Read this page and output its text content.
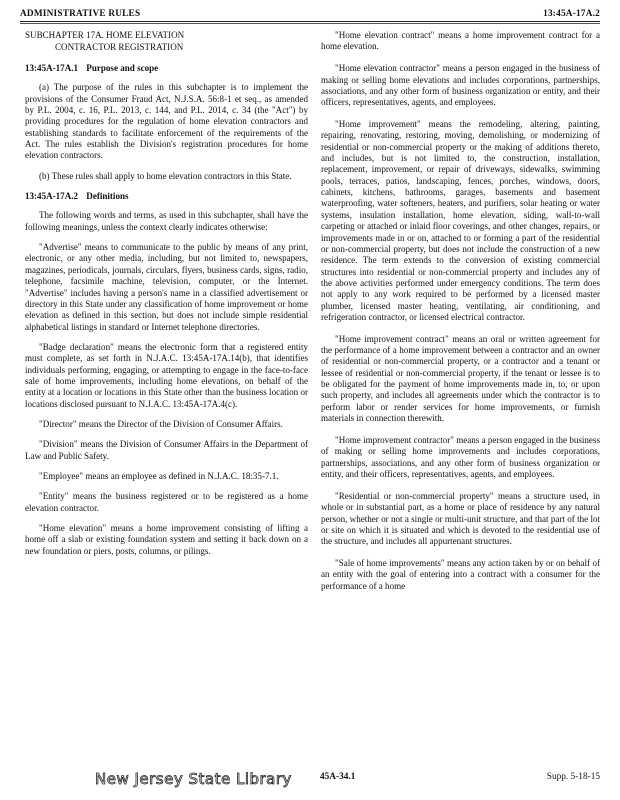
ADMINISTRATIVE RULES	13:45A-17A.2
SUBCHAPTER 17A. HOME ELEVATION
CONTRACTOR REGISTRATION
13:45A-17A.1 Purpose and scope

(a) The purpose of the rules in this subchapter is to implement the provisions of the Consumer Fraud Act, N.J.S.A. 56:8-1 et seq., as amended by P.L. 2004, c. 16, P.L. 2013, c. 144, and P.L. 2014, c. 34 (the "Act") by providing procedures for the regulation of home elevation contractors and establishing standards to facilitate enforcement of the requirements of the Act. The rules establish the Division's registration procedures for home elevation contractors.

(b) These rules shall apply to home elevation contractors in this State.

13:45A-17A.2 Definitions

The following words and terms, as used in this subchapter, shall have the following meanings, unless the context clearly indicates otherwise:

"Advertise" means to communicate to the public by means of any print, electronic, or any other media, including, but not limited to, newspapers, magazines, periodicals, journals, circulars, flyers, business cards, signs, radio, telephone, facsimile machine, television, computer, or the Internet. "Advertise" includes having a person's name in a classified advertisement or directory in this State under any classification of home improvement or home elevation as defined in this section, but does not include simple residential alphabetical listings in standard or Internet telephone directories.

"Badge declaration" means the electronic form that a registered entity must complete, as set forth in N.J.A.C. 13:45A-17A.14(b), that identifies individuals performing, engaging, or attempting to engage in the face-to-face sale of home improvements, including home elevations, on behalf of the entity at a location or locations in this State other than the business location or locations disclosed pursuant to N.J.A.C. 13:45A-17A.4(c).

"Director" means the Director of the Division of Consumer Affairs.

"Division" means the Division of Consumer Affairs in the Department of Law and Public Safety.

"Employee" means an employee as defined in N.J.A.C. 18:35-7.1.

"Entity" means the business registered or to be registered as a home elevation contractor.

"Home elevation" means a home improvement consisting of lifting a home off a slab or existing foundation system and setting it back down on a new foundation or piers, posts, columns, or pilings.

"Home elevation contract" means a home improvement contract for a home elevation.

"Home elevation contractor" means a person engaged in the business of making or selling home elevations and includes corporations, partnerships, associations, and any other form of business organization or entity, and their officers, representatives, agents, and employees.

"Home improvement" means the remodeling, altering, painting, repairing, renovating, restoring, moving, demolishing, or modernizing of residential or non-commercial property or the making of additions thereto, and includes, but is not limited to, the construction, installation, replacement, improvement, or repair of driveways, sidewalks, swimming pools, terraces, patios, landscaping, fences, porches, windows, doors, cabinets, kitchens, bathrooms, garages, basements and basement waterproofing, water softeners, heaters, and purifiers, solar heating or water systems, insulation installation, home elevation, siding, wall-to-wall carpeting or attached or inlaid floor coverings, and other changes, repairs, or improvements made in or on, attached to or forming a part of the residential or non-commercial property, but does not include the construction of a new residence. The term extends to the conversion of existing commercial structures into residential or non-commercial property and includes any of the above activities performed under emergency conditions. The term does not apply to any work required to be performed by a licensed master plumber, licensed master heating, ventilating, air conditioning, and refrigeration contractor, or licensed electrical contractor.

"Home improvement contract" means an oral or written agreement for the performance of a home improvement between a contractor and an owner of residential or non-commercial property, or a contractor and a tenant or lessee of residential or non-commercial property, if the tenant or lessee is to be obligated for the payment of home improvements made in, to, or upon such property, and includes all agreements under which the contractor is to perform labor or render services for home improvements, or furnish materials in connection therewith.

"Home improvement contractor" means a person engaged in the business of making or selling home improvements and includes corporations, partnerships, associations, and any other form of business organization or entity, and their officers, representatives, agents, and employees.

"Residential or non-commercial property" means a structure used, in whole or in substantial part, as a home or place of residence by any natural person, whether or not a single or multi-unit structure, and that part of the lot or site on which it is situated and which is devoted to the residential use of the structure, and includes all appurtenant structures.

"Sale of home improvements" means any action taken by or on behalf of an entity with the goal of entering into a contract with a consumer for the performance of a home

New Jersey State Library	45A-34.1	Supp. 5-18-15
